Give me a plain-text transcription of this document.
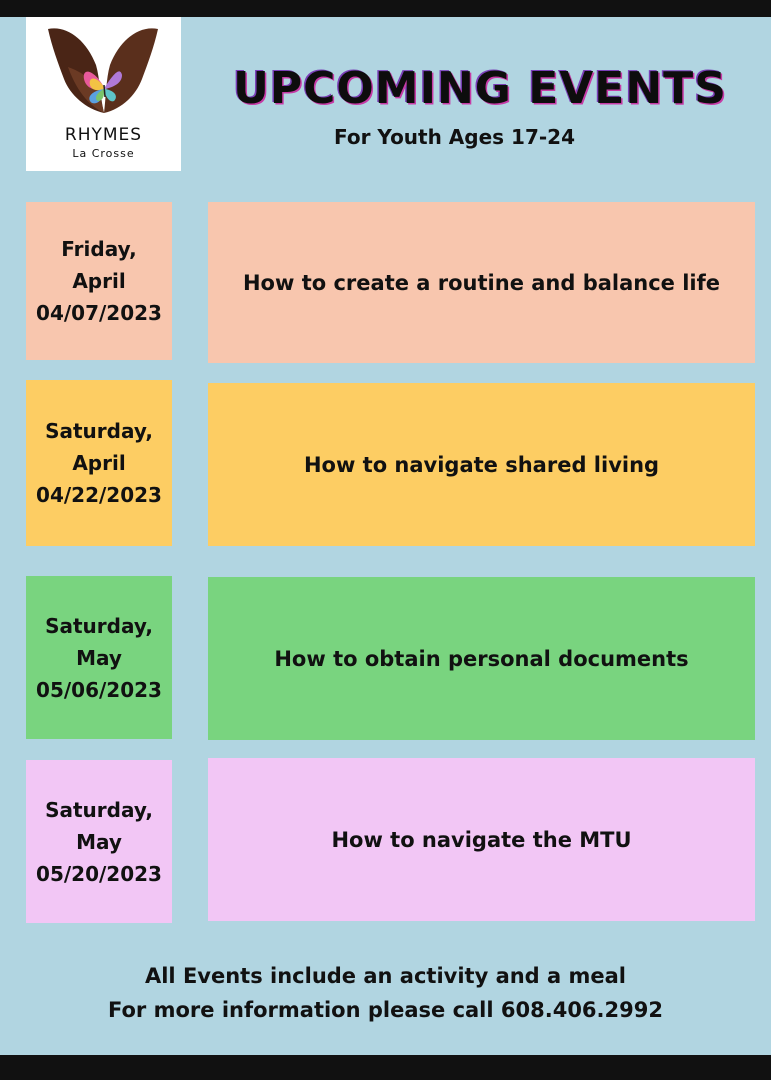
RHYMES
La Crosse
UPCOMING EVENTS
For Youth Ages 17-24
Friday,
April
04/07/2023
How to create a routine and balance life
Saturday,
April
04/22/2023
How to navigate shared living
Saturday,
May
05/06/2023
How to obtain personal documents
Saturday,
May
05/20/2023
How to navigate the MTU
All Events include an activity and a meal
For more information please call 608.406.2992
